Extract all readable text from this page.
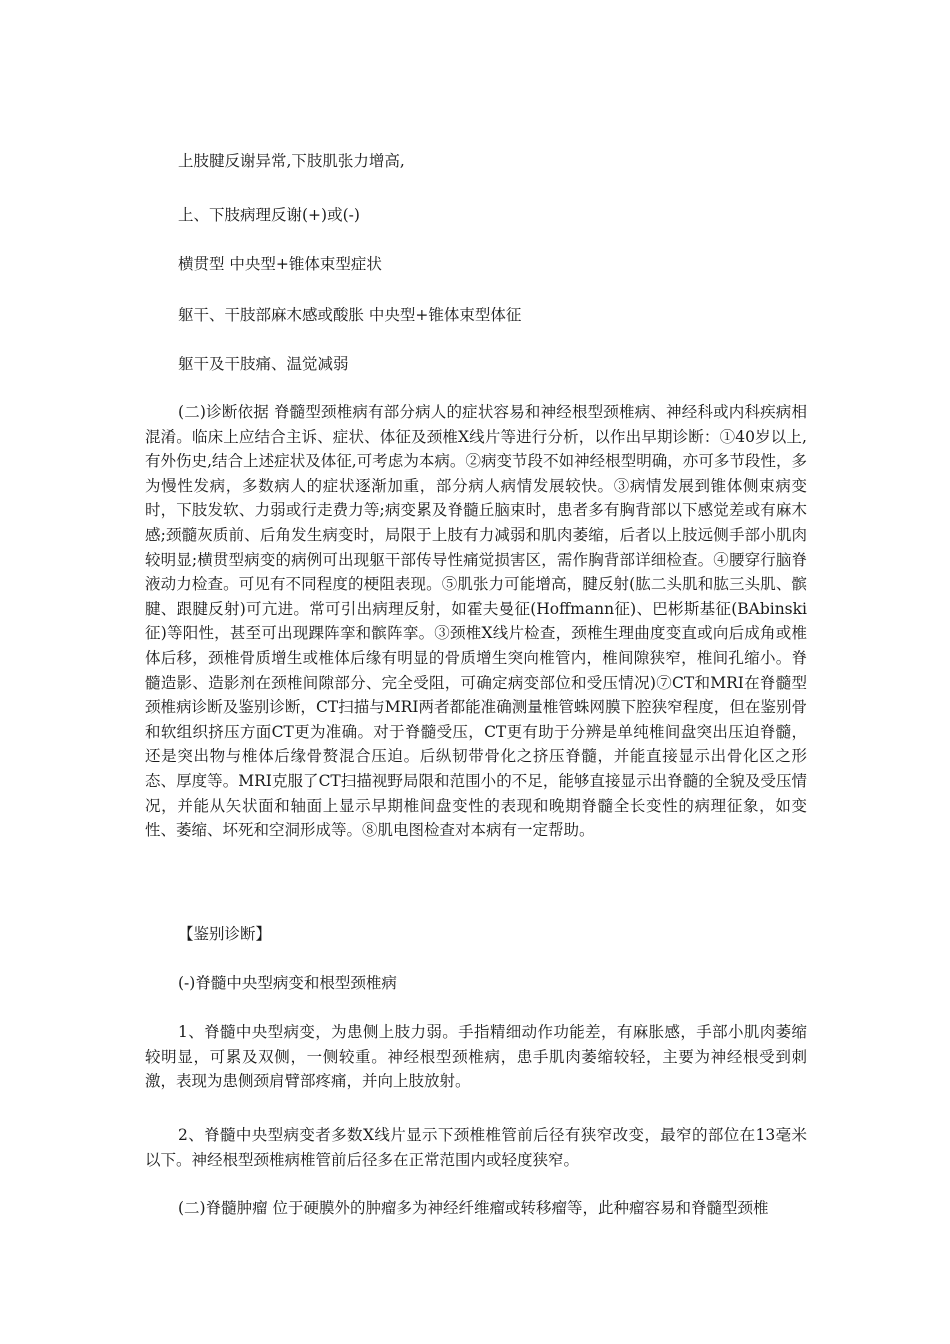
上肢腱反谢异常,下肢肌张力增高,
上、下肢病理反谢(+)或(-)
横贯型 中央型+锥体束型症状
躯干、干肢部麻木感或酸胀 中央型+锥体束型体征
躯干及干肢痛、温觉减弱

(二)诊断依据 脊髓型颈椎病有部分病人的症状容易和神经根型颈椎病、神经科或内科疾病相混淆。临床上应结合主诉、症状、体征及颈椎X线片等进行分析，以作出早期诊断：①40岁以上,有外伤史,结合上述症状及体征,可考虑为本病。②病变节段不如神经根型明确，亦可多节段性，多为慢性发病，多数病人的症状逐渐加重，部分病人病情发展较快。③病情发展到锥体侧束病变时，下肢发软、力弱或行走费力等;病变累及脊髓丘脑束时，患者多有胸背部以下感觉差或有麻木感;颈髓灰质前、后角发生病变时，局限于上肢有力减弱和肌肉萎缩，后者以上肢远侧手部小肌肉较明显;横贯型病变的病例可出现躯干部传导性痛觉损害区，需作胸背部详细检查。④腰穿行脑脊液动力检查。可见有不同程度的梗阻表现。⑤肌张力可能增高，腱反射(肱二头肌和肱三头肌、髌腱、跟腱反射)可亢进。常可引出病理反射，如霍夫曼征(Hoffmann征)、巴彬斯基征(BAbinski征)等阳性，甚至可出现踝阵挛和髌阵挛。③颈椎X线片检查，颈椎生理曲度变直或向后成角或椎体后移，颈椎骨质增生或椎体后缘有明显的骨质增生突向椎管内，椎间隙狭窄，椎间孔缩小。脊髓造影、造影剂在颈椎间隙部分、完全受阻，可确定病变部位和受压情况)⑦CT和MRI在脊髓型颈椎病诊断及鉴别诊断，CT扫描与MRI两者都能准确测量椎管蛛网膜下腔狭窄程度，但在鉴别骨和软组织挤压方面CT更为准确。对于脊髓受压，CT更有助于分辨是单纯椎间盘突出压迫脊髓，还是突出物与椎体后缘骨赘混合压迫。后纵韧带骨化之挤压脊髓，并能直接显示出骨化区之形态、厚度等。MRI克服了CT扫描视野局限和范围小的不足，能够直接显示出脊髓的全貌及受压情况，并能从矢状面和轴面上显示早期椎间盘变性的表现和晚期脊髓全长变性的病理征象，如变性、萎缩、坏死和空洞形成等。⑧肌电图检查对本病有一定帮助。

【鉴别诊断】
(-)脊髓中央型病变和根型颈椎病

1、脊髓中央型病变，为患侧上肢力弱。手指精细动作功能差，有麻胀感，手部小肌肉萎缩较明显，可累及双侧，一侧较重。神经根型颈椎病，患手肌肉萎缩较轻，主要为神经根受到刺激，表现为患侧颈肩臂部疼痛，并向上肢放射。

2、脊髓中央型病变者多数X线片显示下颈椎椎管前后径有狭窄改变，最窄的部位在13毫米以下。神经根型颈椎病椎管前后径多在正常范围内或轻度狭窄。

(二)脊髓肿瘤 位于硬膜外的肿瘤多为神经纤维瘤或转移瘤等，此种瘤容易和脊髓型颈椎
